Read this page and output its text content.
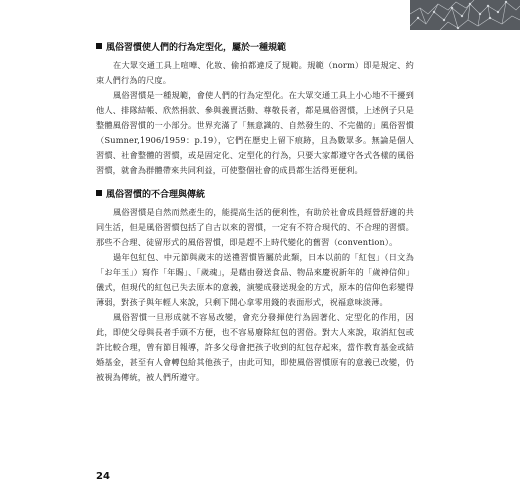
風俗習慣使人們的行為定型化，屬於一種規範

在大眾交通工具上喧嘩、化妝、偷拍都違反了規範。規範（norm）即是規定、約束人們行為的尺度。

風俗習慣是一種規範，會使人們的行為定型化。在大眾交通工具上小心地不干擾到他人、排隊結帳、欣然捐款、參與義賣活動、尊敬長者，都是風俗習慣，上述例子只是整體風俗習慣的一小部分。世界充滿了「無意識的、自然發生的、不完備的」風俗習慣（Sumner,1906/1959：p.19），它們在歷史上留下痕跡，且為數眾多。無論是個人習慣、社會整體的習慣，或是固定化、定型化的行為，只要大家都遵守各式各樣的風俗習慣，就會為群體帶來共同利益，可使整個社會的成員都生活得更便利。

風俗習慣的不合理與傳統

風俗習慣是自然而然產生的，能提高生活的便利性，有助於社會成員經營舒適的共同生活，但是風俗習慣包括了自古以來的習慣，一定有不符合現代的、不合理的習慣。那些不合理、徒留形式的風俗習慣，即是趕不上時代變化的舊習（convention）。

過年包紅包、中元節與歲末的送禮習慣皆屬於此類，日本以前的「紅包」（日文為「お年玉」）寫作「年賜」、「歲魂」，是藉由發送食品、物品來慶祝新年的「歲神信仰」儀式，但現代的紅包已失去原本的意義，演變成發送現金的方式，原本的信仰色彩變得薄弱，對孩子與年輕人來說，只剩下開心拿零用錢的表面形式，祝福意味淡薄。

風俗習慣一旦形成就不容易改變，會充分發揮使行為固著化、定型化的作用，因此，即使父母與長者手頭不方便，也不容易廢除紅包的習俗。對大人來說，取消紅包或許比較合理，曾有節目報導，許多父母會把孩子收到的紅包存起來，當作教育基金或結婚基金，甚至有人會轉包給其他孩子，由此可知，即使風俗習慣原有的意義已改變，仍被視為傳統，被人們所遵守。

24
